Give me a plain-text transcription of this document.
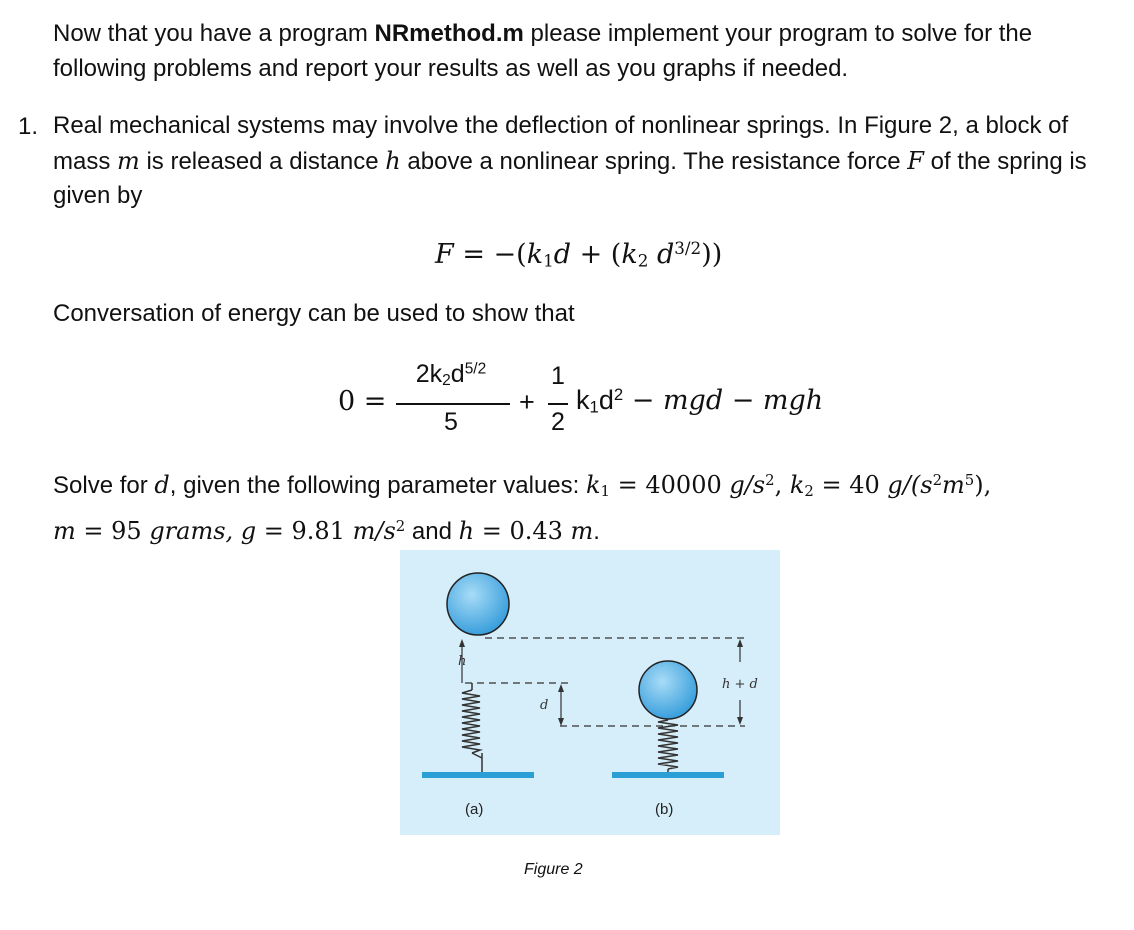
Now that you have a program NRmethod.m please implement your program to solve for the following problems and report your results as well as you graphs if needed.
1. Real mechanical systems may involve the deflection of nonlinear springs. In Figure 2, a block of mass m is released a distance h above a nonlinear spring. The resistance force F of the spring is given by
$F = -(k_1d + (k_2$ $d^{3/2}$))
Conversation of energy can be used to show that
0 =
$2k_2d^{5/2}$
5
+
1
2
$k_1d^2$ − mgd − mgh
Solve for d, given the following parameter values: $k_1 = 40000$ $g/s^2$, $k_2 = 40$ $g/(s^2m^5)$,
m = 95 grams, g = 9.81 $m/s^2$ and h = 0.43 m.
h
d
h + d
(a)	(b)
Figure 2
